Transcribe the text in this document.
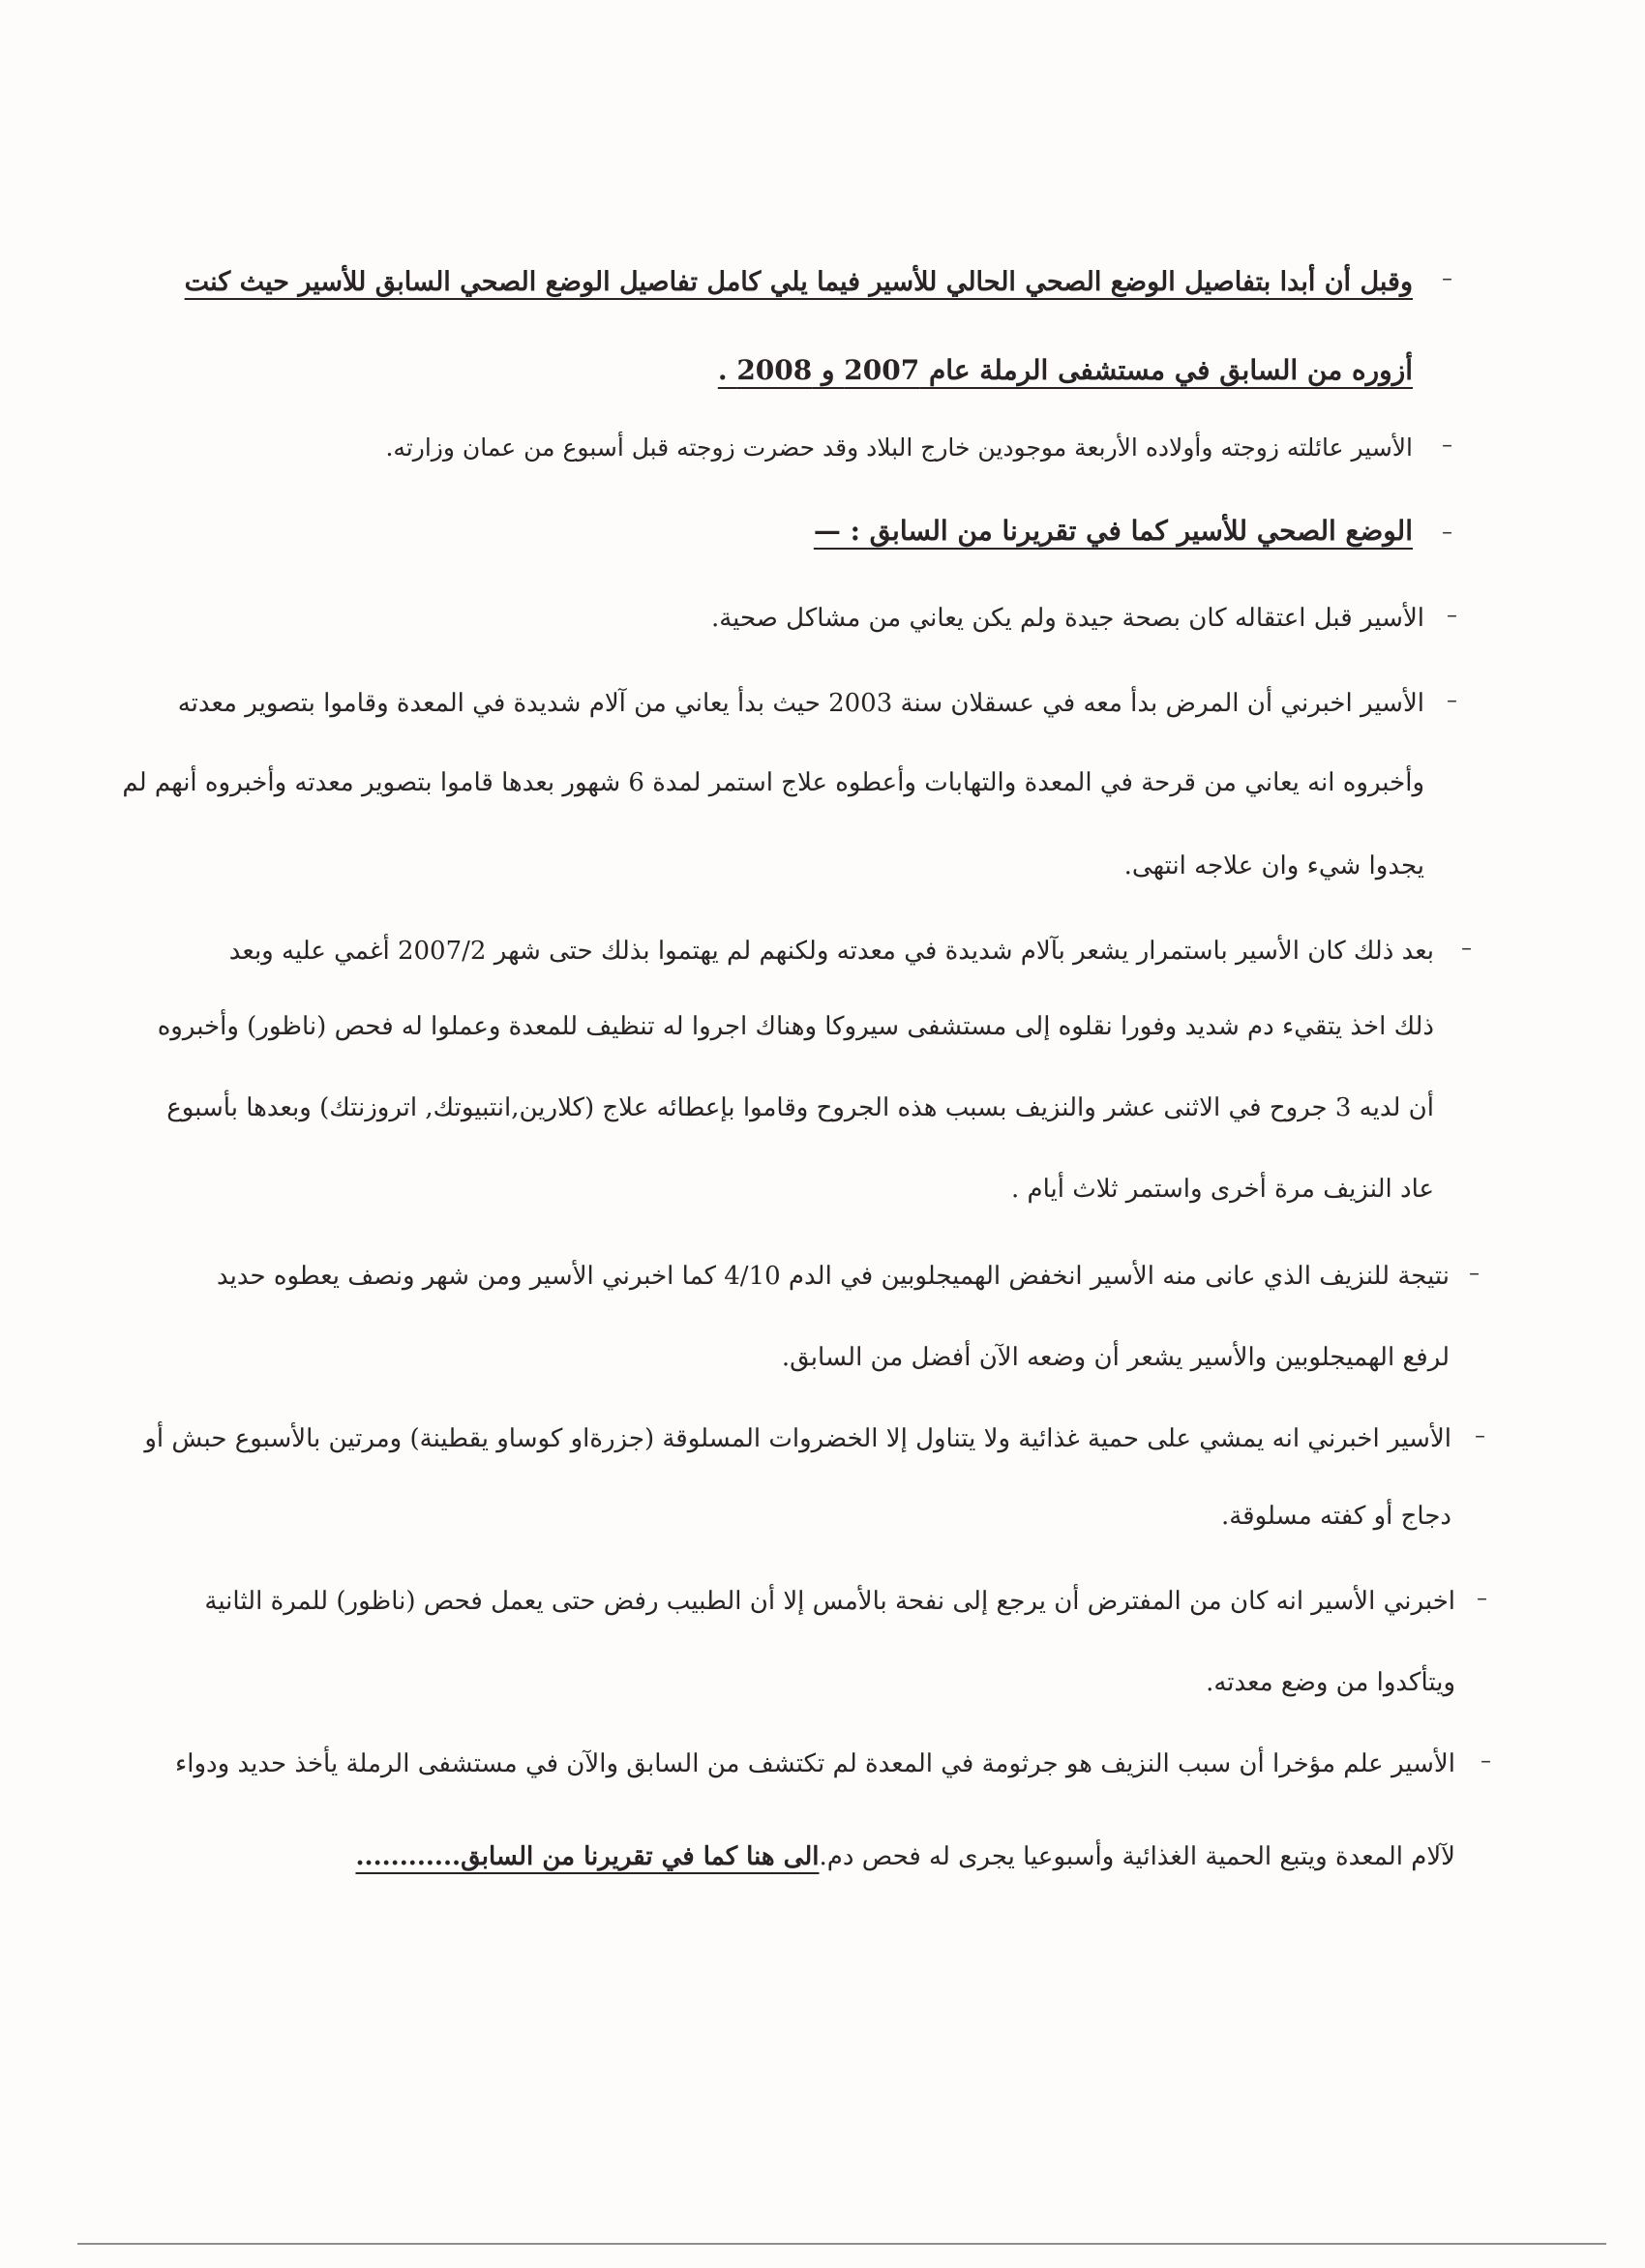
–
وقبل أن أبدا بتفاصيل الوضع الصحي الحالي للأسير فيما يلي كامل تفاصيل الوضع الصحي السابق للأسير حيث كنت
أزوره من السابق في مستشفى الرملة عام 2007 و 2008 .
–
الأسير عائلته زوجته وأولاده الأربعة موجودين خارج البلاد وقد حضرت زوجته قبل أسبوع من عمان وزارته.
–
الوضع الصحي للأسير كما في تقريرنا من السابق : —
–
الأسير قبل اعتقاله كان بصحة جيدة ولم يكن يعاني من مشاكل صحية.
–
الأسير اخبرني أن المرض بدأ معه في عسقلان سنة 2003 حيث بدأ يعاني من آلام شديدة في المعدة وقاموا بتصوير معدته
وأخبروه انه يعاني من قرحة في المعدة والتهابات وأعطوه علاج استمر لمدة 6 شهور بعدها قاموا بتصوير معدته وأخبروه أنهم لم
يجدوا شيء وان علاجه انتهى.
–
بعد ذلك كان الأسير باستمرار يشعر بآلام شديدة في معدته ولكنهم لم يهتموا بذلك حتى شهر 2007/2 أغمي عليه وبعد
ذلك اخذ يتقيء دم شديد وفورا نقلوه إلى مستشفى سيروكا وهناك اجروا له تنظيف للمعدة وعملوا له فحص (ناظور) وأخبروه
أن لديه 3 جروح في الاثنى عشر والنزيف بسبب هذه الجروح وقاموا بإعطائه علاج (كلارين,انتبيوتك, اتروزنتك) وبعدها بأسبوع
عاد النزيف مرة أخرى واستمر ثلاث أيام .
–
نتيجة للنزيف الذي عانى منه الأسير انخفض الهميجلوبين في الدم 4/10 كما اخبرني الأسير ومن شهر ونصف يعطوه حديد
لرفع الهميجلوبين والأسير يشعر أن وضعه الآن أفضل من السابق.
–
الأسير اخبرني انه يمشي على حمية غذائية ولا يتناول إلا الخضروات المسلوقة (جزرةاو كوساو يقطينة) ومرتين بالأسبوع حبش أو
دجاج أو كفته مسلوقة.
–
اخبرني الأسير انه كان من المفترض أن يرجع إلى نفحة بالأمس إلا أن الطبيب رفض حتى يعمل فحص (ناظور) للمرة الثانية
ويتأكدوا من وضع معدته.
–
الأسير علم مؤخرا أن سبب النزيف هو جرثومة في المعدة لم تكتشف من السابق والآن في مستشفى الرملة يأخذ حديد ودواء
لآلام المعدة ويتبع الحمية الغذائية وأسبوعيا يجرى له فحص دم.الى هنا كما في تقريرنا من السابق............
